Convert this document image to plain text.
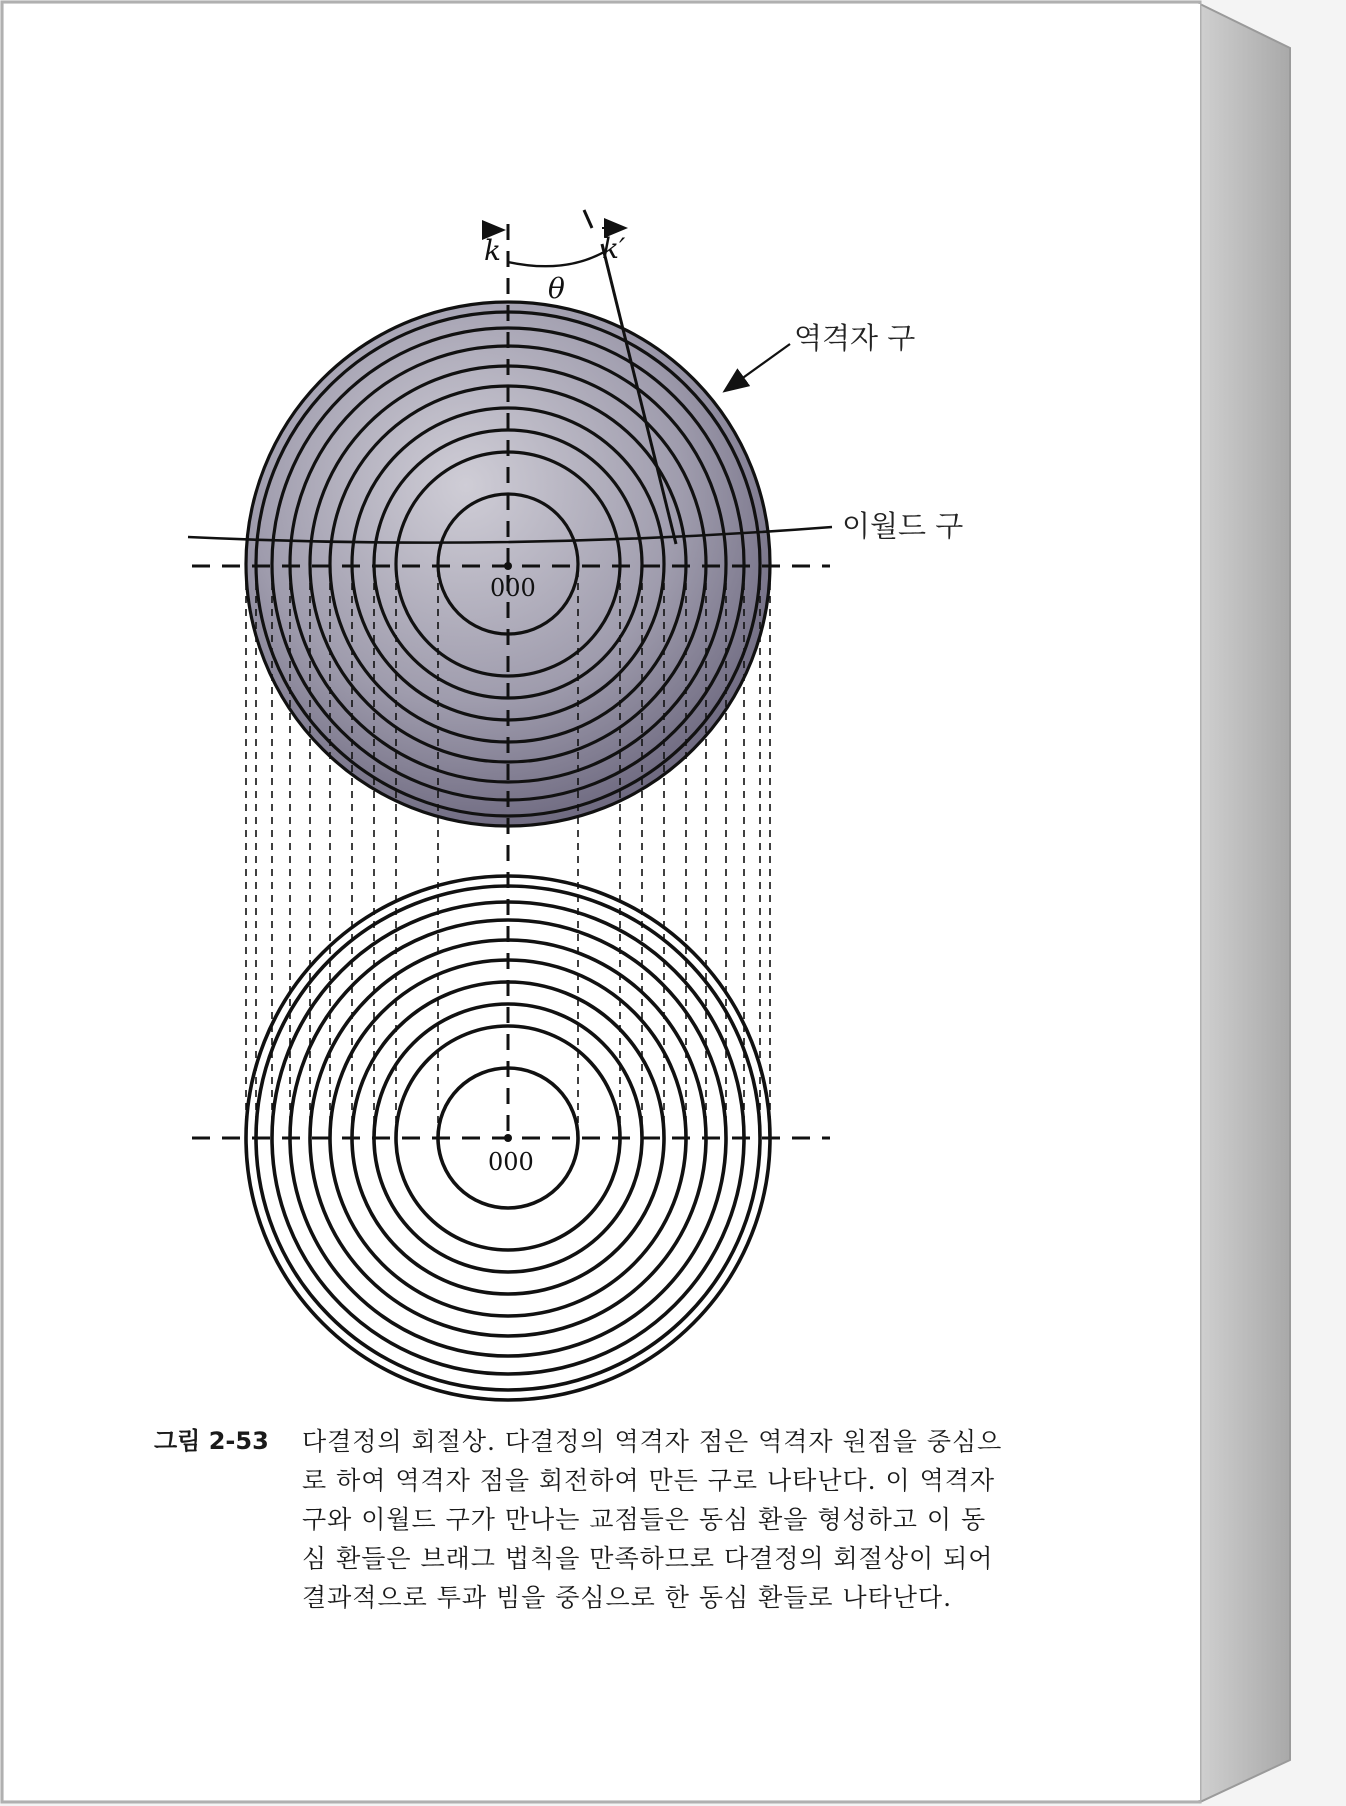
k	k′
θ
역격자 구
이월드 구
000
000
그림 2-53 다결정의 회절상. 다결정의 역격자 점은 역격자 원점을 중심으
로 하여 역격자 점을 회전하여 만든 구로 나타난다. 이 역격자
구와 이월드 구가 만나는 교점들은 동심 환을 형성하고 이 동
심 환들은 브래그 법칙을 만족하므로 다결정의 회절상이 되어
결과적으로 투과 빔을 중심으로 한 동심 환들로 나타난다.
